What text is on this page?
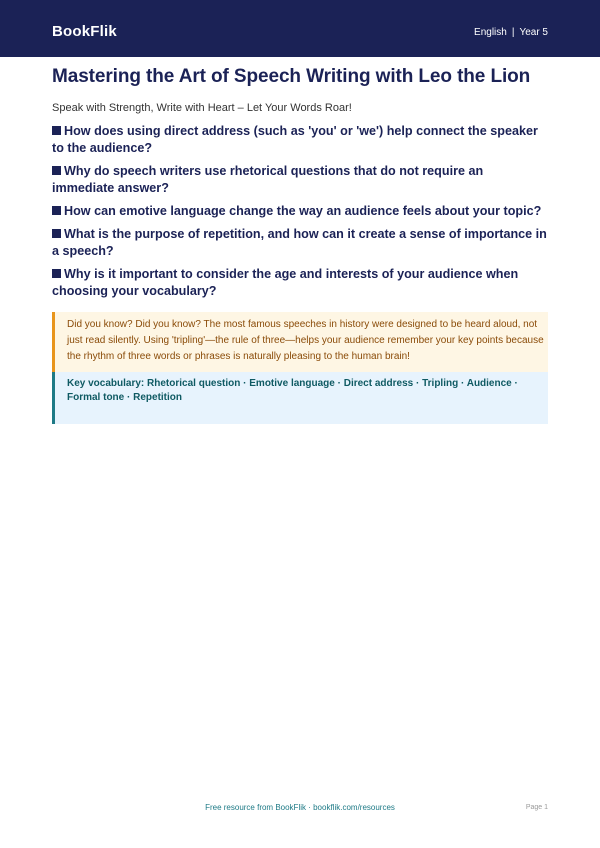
BookFlik	English | Year 5
Mastering the Art of Speech Writing with Leo the Lion

Speak with Strength, Write with Heart – Let Your Words Roar!

How does using direct address (such as 'you' or 'we') help connect the speaker to the audience?
Why do speech writers use rhetorical questions that do not require an immediate answer?
How can emotive language change the way an audience feels about your topic?
What is the purpose of repetition, and how can it create a sense of importance in a speech?
Why is it important to consider the age and interests of your audience when choosing your vocabulary?
Did you know? Did you know? The most famous speeches in history were designed to be heard aloud, not just read silently. Using 'tripling'—the rule of three—helps your audience remember your key points because the rhythm of three words or phrases is naturally pleasing to the human brain!
Key vocabulary: Rhetorical question · Emotive language · Direct address · Tripling · Audience · Formal tone · Repetition
Free resource from BookFlik · bookflik.com/resources	Page 1
